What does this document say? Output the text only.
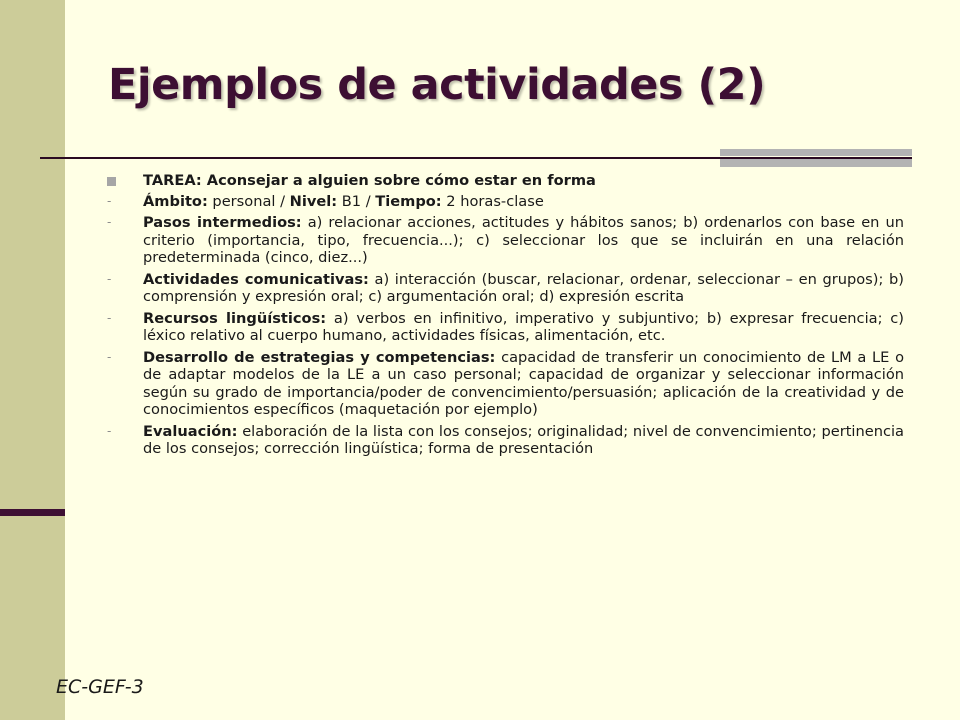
Ejemplos de actividades (2)
TAREA: Aconsejar a alguien sobre cómo estar en forma
- Ámbito: personal / Nivel: B1 / Tiempo: 2 horas-clase
- Pasos intermedios: a) relacionar acciones, actitudes y hábitos sanos; b) ordenarlos con base en un criterio (importancia, tipo, frecuencia...); c) seleccionar los que se incluirán en una relación predeterminada (cinco, diez...)
- Actividades comunicativas: a) interacción (buscar, relacionar, ordenar, seleccionar – en grupos); b) comprensión y expresión oral; c) argumentación oral; d) expresión escrita
- Recursos lingüísticos: a) verbos en infinitivo, imperativo y subjuntivo; b) expresar frecuencia; c) léxico relativo al cuerpo humano, actividades físicas, alimentación, etc.
- Desarrollo de estrategias y competencias: capacidad de transferir un conocimiento de LM a LE o de adaptar modelos de la LE a un caso personal; capacidad de organizar y seleccionar información según su grado de importancia/poder de convencimiento/persuasión; aplicación de la creatividad y de conocimientos específicos (maquetación por ejemplo)
- Evaluación: elaboración de la lista con los consejos; originalidad; nivel de convencimiento; pertinencia de los consejos; corrección lingüística; forma de presentación
EC-GEF-3
